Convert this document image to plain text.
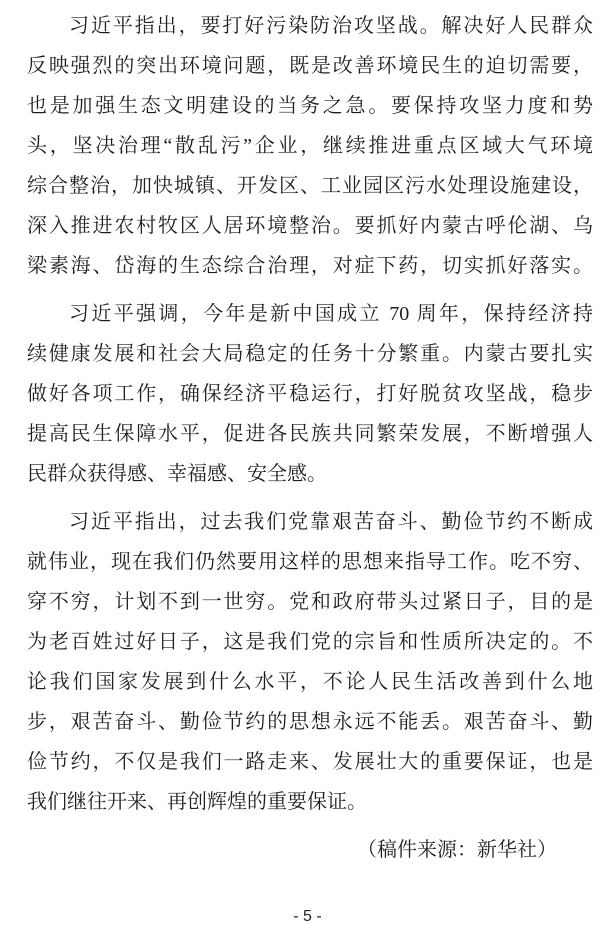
习近平指出，要打好污染防治攻坚战。解决好人民群众
反映强烈的突出环境问题，既是改善环境民生的迫切需要，
也是加强生态文明建设的当务之急。要保持攻坚力度和势
头，坚决治理“散乱污”企业，继续推进重点区域大气环境
综合整治，加快城镇、开发区、工业园区污水处理设施建设，
深入推进农村牧区人居环境整治。要抓好内蒙古呼伦湖、乌
梁素海、岱海的生态综合治理，对症下药，切实抓好落实。
习近平强调，今年是新中国成立 70 周年，保持经济持
续健康发展和社会大局稳定的任务十分繁重。内蒙古要扎实
做好各项工作，确保经济平稳运行，打好脱贫攻坚战，稳步
提高民生保障水平，促进各民族共同繁荣发展，不断增强人
民群众获得感、幸福感、安全感。
习近平指出，过去我们党靠艰苦奋斗、勤俭节约不断成
就伟业，现在我们仍然要用这样的思想来指导工作。吃不穷、
穿不穷，计划不到一世穷。党和政府带头过紧日子，目的是
为老百姓过好日子，这是我们党的宗旨和性质所决定的。不
论我们国家发展到什么水平，不论人民生活改善到什么地
步，艰苦奋斗、勤俭节约的思想永远不能丢。艰苦奋斗、勤
俭节约，不仅是我们一路走来、发展壮大的重要保证，也是
我们继往开来、再创辉煌的重要保证。
（稿件来源：新华社）
- 5 -
